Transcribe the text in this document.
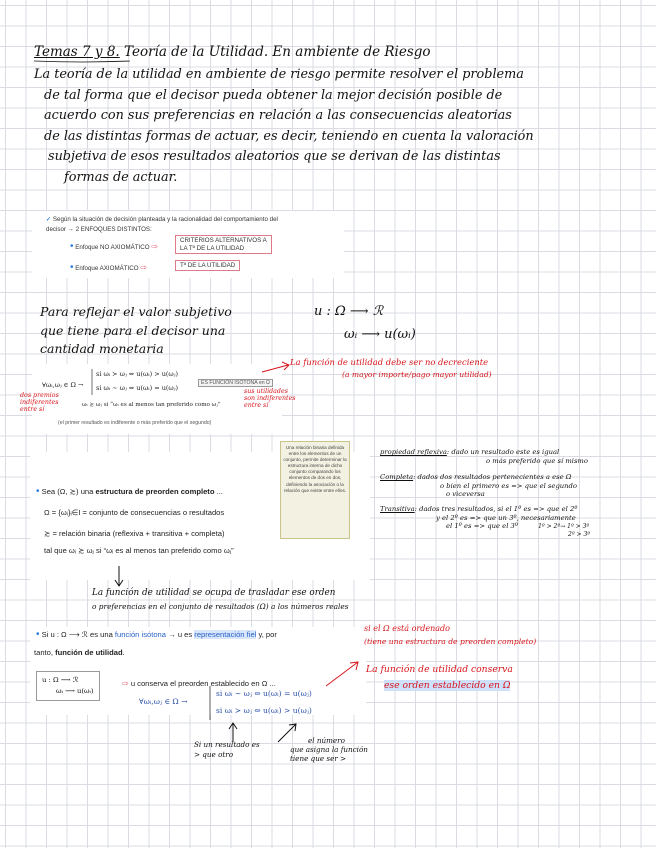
Temas 7 y 8. Teoría de la Utilidad. En ambiente de Riesgo
La teoría de la utilidad en ambiente de riesgo permite resolver el problema
de tal forma que el decisor pueda obtener la mejor decisión posible de
acuerdo con sus preferencias en relación a las consecuencias aleatorias
de las distintas formas de actuar, es decir, teniendo en cuenta la valoración
subjetiva de esos resultados aleatorios que se derivan de las distintas
formas de actuar.
✓ Según la situación de decisión planteada y la racionalidad del comportamiento del
decisor → 2 ENFOQUES DISTINTOS:
• Enfoque NO AXIOMÁTICO ⇨
CRITERIOS ALTERNATIVOS A
LA Tª DE LA UTILIDAD
• Enfoque AXIOMÁTICO ⇨	Tª DE LA UTILIDAD
Para reflejar el valor subjetivo
que tiene para el decisor una
cantidad monetaria
u : Ω ⟶ ℛ
ωᵢ ⟶ u(ωᵢ)
∀ωᵢ,ωⱼ ∈ Ω →
si ωᵢ ≻ ωⱼ ⇔ u(ωᵢ) > u(ωⱼ)
si ωᵢ ∼ ωⱼ ⇔ u(ωᵢ) = u(ωⱼ)
ES FUNCIÓN ISÓTONA en Ω
ωᵢ ≿ ωⱼ si “ωᵢ es al menos tan preferido como ωⱼ”
(el primer resultado es indiferente o más preferido que el segundo)
La función de utilidad debe ser no decreciente
(a mayor importe/pago mayor utilidad)
dos premios
indiferentes
entre sí
sus utilidades
son indiferentes
entre sí
• Sea (Ω, ≿) una estructura de preorden completo ...
Ω = {ωᵢ}ᵢ∈I = conjunto de consecuencias o resultados
≿ = relación binaria (reflexiva + transitiva + completa)
tal que ωᵢ ≿ ωⱼ si “ωᵢ es al menos tan preferido como ωⱼ”
Una relación binaria definida entre los elementos de un conjunto, permite determinar la estructura interna de dicho conjunto comparando los elementos de dos en dos, definiendo la asociación o la relación que existe entre ellos.
propiedad reflexiva: dado un resultado este es igual
o más preferido que sí mismo
Completa: dados dos resultados pertenecientes a ese Ω
o bien el primero es => que el segundo
o viceversa
Transitiva: dados tres resultados, si el 1º es => que el 2º
y el 2º es => que un 3º, necesariamente
el 1º es => que el 3º	1º > 2º→ 1º > 3º
2º > 3º
La función de utilidad se ocupa de trasladar ese orden
o preferencias en el conjunto de resultados (Ω) a los números reales
• Si u : Ω ⟶ ℛ es una función isótona → u es representación fiel y, por
tanto, función de utilidad.
u : Ω ⟶ ℛ
ωᵢ ⟶ u(ωᵢ)
⇨ u conserva el preorden establecido en Ω ...
si el Ω está ordenado
(tiene una estructura de preorden completo)
∀ωᵢ,ωⱼ ∈ Ω →
si ωᵢ ∼ ωⱼ ⇔ u(ωᵢ) = u(ωⱼ)
si ωᵢ ≻ ωⱼ ⇔ u(ωᵢ) > u(ωⱼ)
La función de utilidad conserva
ese orden establecido en Ω
Si un resultado es
> que otro
el número
que asigna la función
tiene que ser >
